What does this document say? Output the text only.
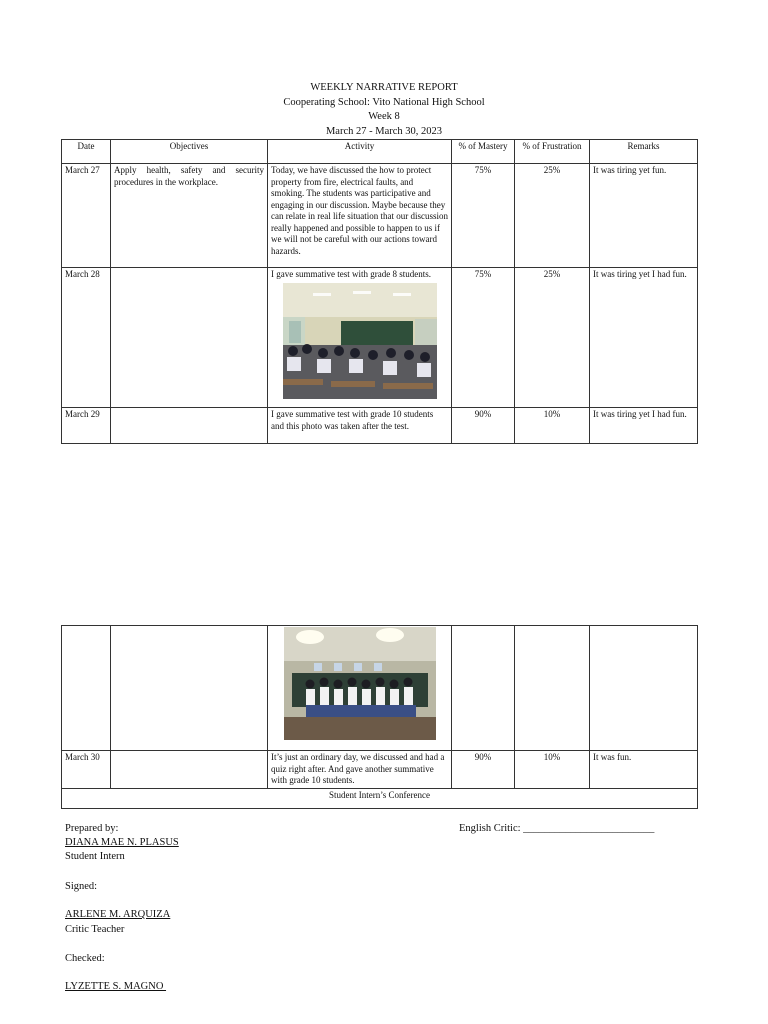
WEEKLY NARRATIVE REPORT
Cooperating School: Vito National High School
Week 8
March 27 - March 30, 2023
Date	Objectives	Activity	% of Mastery	% of Frustration	Remarks
March 27	Apply health, safety and security procedures in the workplace.	Today, we have discussed the how to protect property from fire, electrical faults, and smoking. The students was participative and engaging in our discussion. Maybe because they can relate in real life situation that our discussion really happened and possible to happen to us if we will not be careful with our actions toward hazards.	75%	25%	It was tiring yet fun.
March 28		I gave summative test with grade 8 students.	75%	25%	It was tiring yet I had fun.
March 29		I gave summative test with grade 10 students and this photo was taken after the test.	90%	10%	It was tiring yet I had fun.

March 30		It’s just an ordinary day, we discussed and had a quiz right after. And gave another summative with grade 10 students.	90%	10%	It was fun.
Student Intern’s Conference					
Prepared by:
DIANA MAE N. PLASUS
Student Intern
English Critic: _________________________
Signed:
ARLENE M. ARQUIZA
Critic Teacher
Checked:
LYZETTE S. MAGNO
